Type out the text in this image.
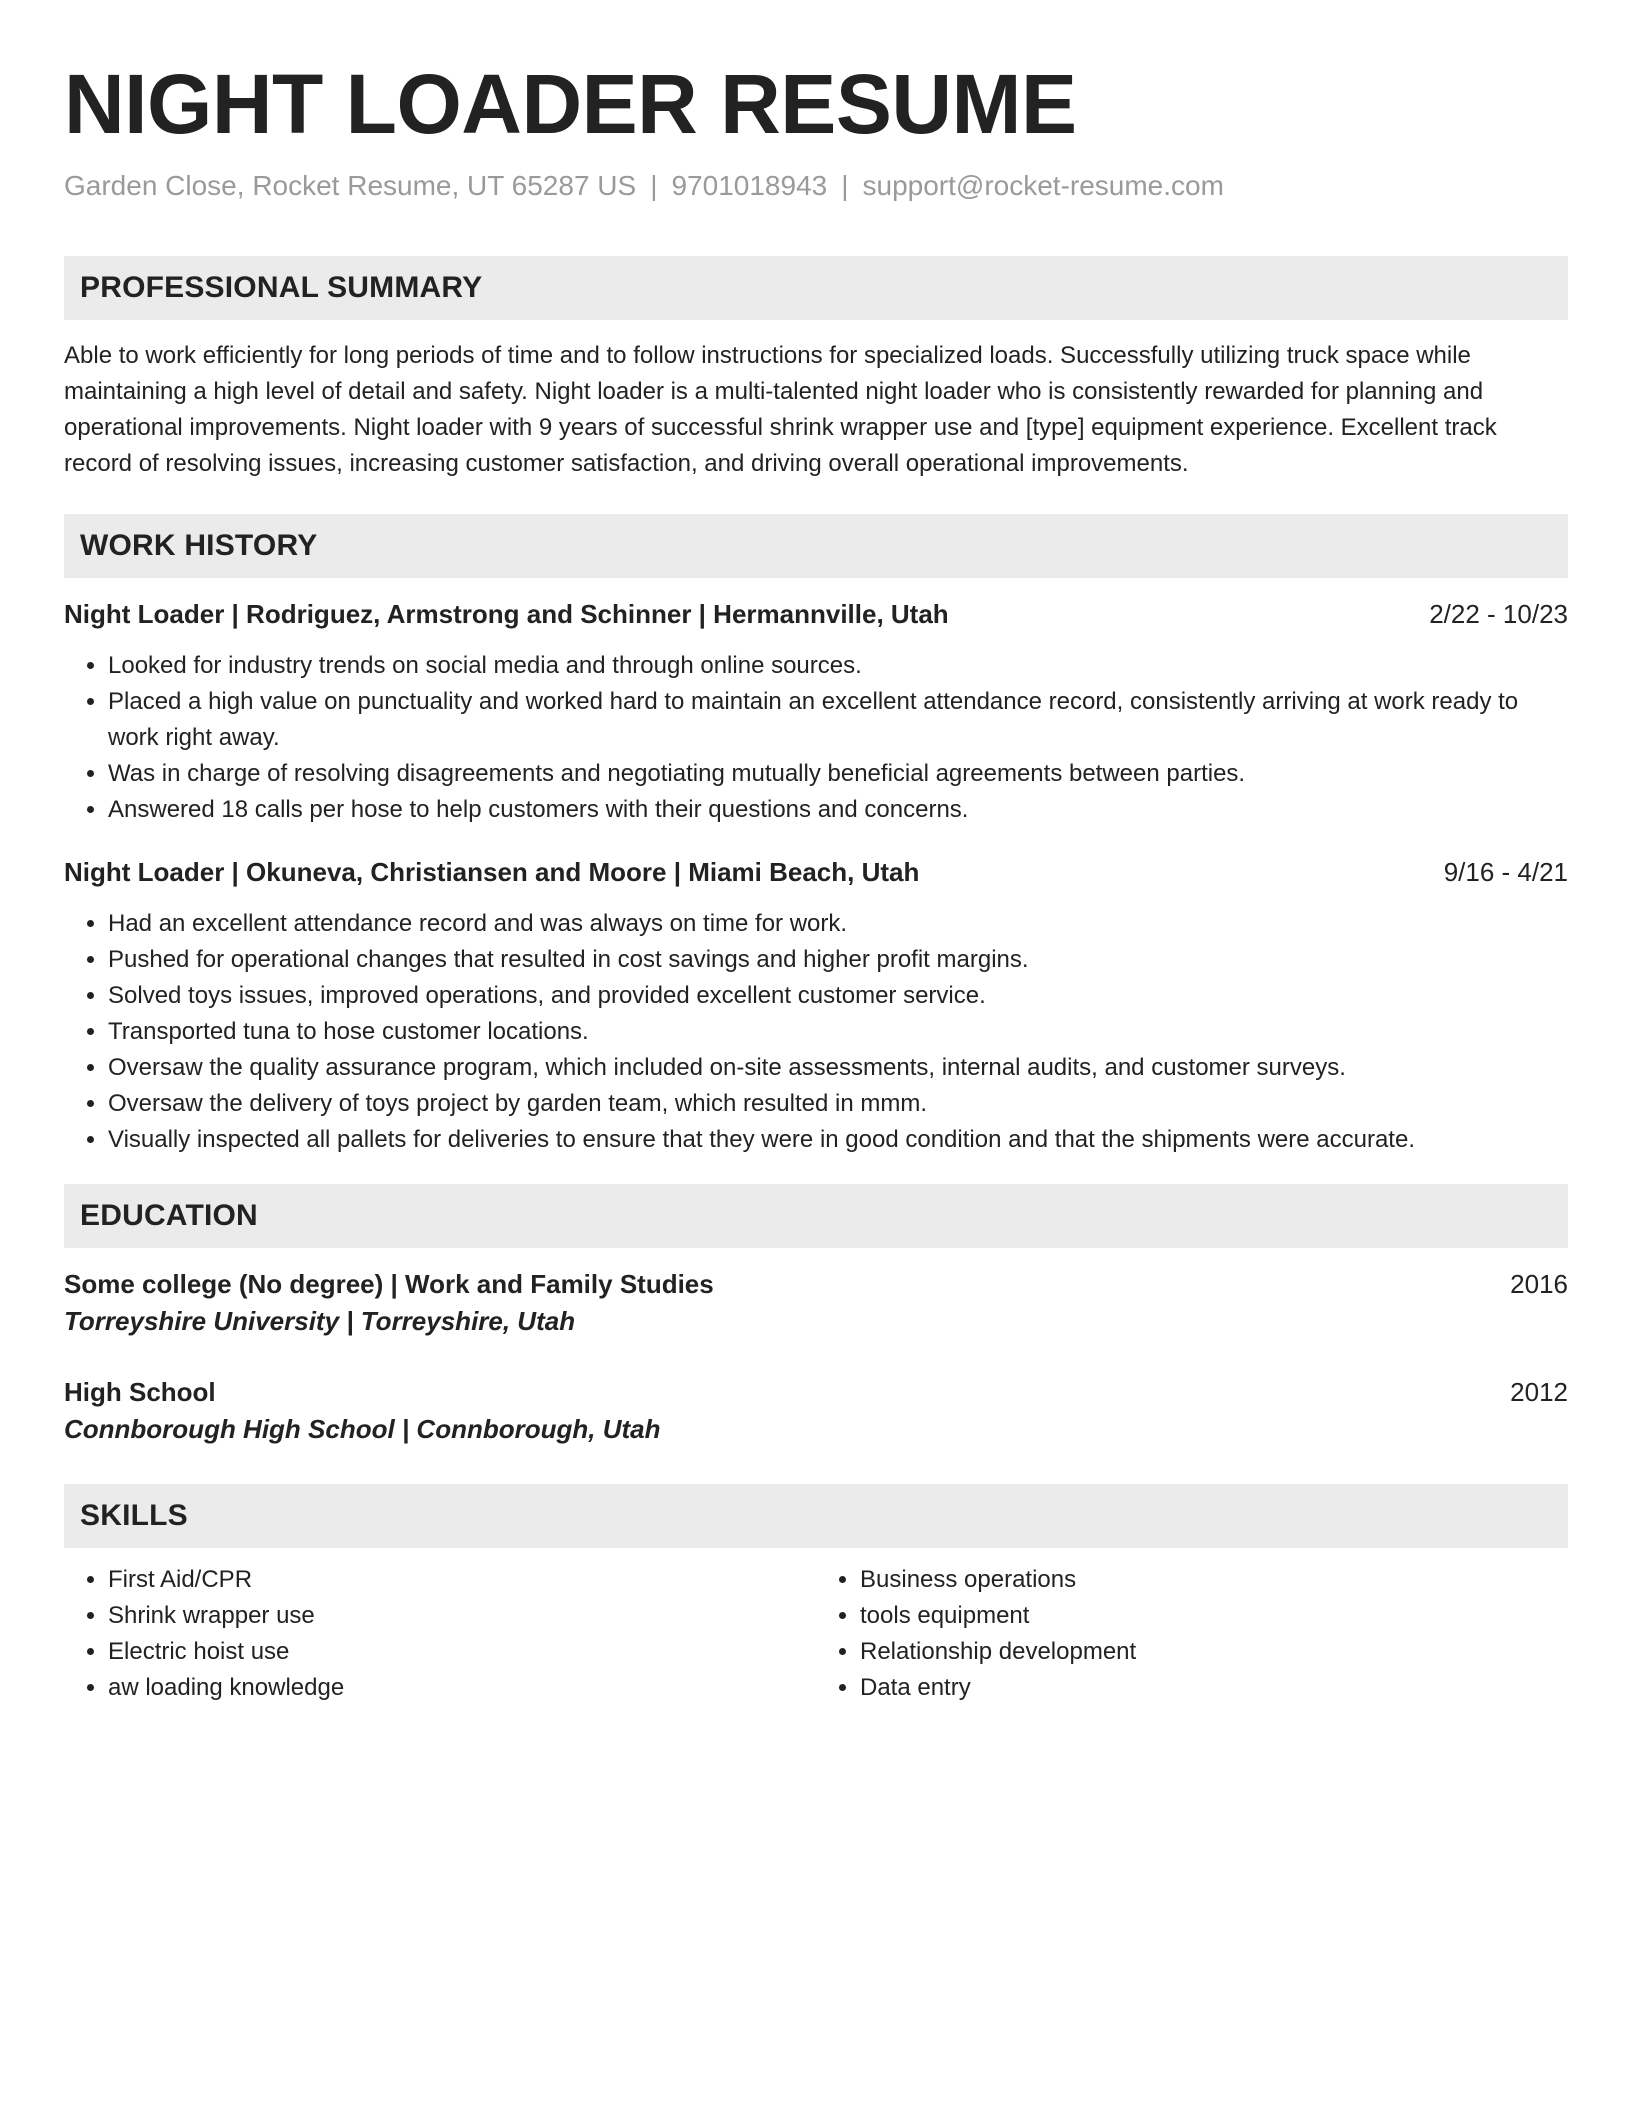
NIGHT LOADER RESUME
Garden Close, Rocket Resume, UT 65287 US | 9701018943 | support@rocket-resume.com
PROFESSIONAL SUMMARY

Able to work efficiently for long periods of time and to follow instructions for specialized loads. Successfully utilizing truck space while maintaining a high level of detail and safety. Night loader is a multi-talented night loader who is consistently rewarded for planning and operational improvements. Night loader with 9 years of successful shrink wrapper use and [type] equipment experience. Excellent track record of resolving issues, increasing customer satisfaction, and driving overall operational improvements.

WORK HISTORY
Night Loader | Rodriguez, Armstrong and Schinner | Hermannville, Utah	2/22 - 10/23
• Looked for industry trends on social media and through online sources.
• Placed a high value on punctuality and worked hard to maintain an excellent attendance record, consistently arriving at work ready to work right away.
• Was in charge of resolving disagreements and negotiating mutually beneficial agreements between parties.
• Answered 18 calls per hose to help customers with their questions and concerns.
Night Loader | Okuneva, Christiansen and Moore | Miami Beach, Utah	9/16 - 4/21
• Had an excellent attendance record and was always on time for work.
• Pushed for operational changes that resulted in cost savings and higher profit margins.
• Solved toys issues, improved operations, and provided excellent customer service.
• Transported tuna to hose customer locations.
• Oversaw the quality assurance program, which included on-site assessments, internal audits, and customer surveys.
• Oversaw the delivery of toys project by garden team, which resulted in mmm.
• Visually inspected all pallets for deliveries to ensure that they were in good condition and that the shipments were accurate.
EDUCATION
Some college (No degree) | Work and Family Studies	2016
Torreyshire University | Torreyshire, Utah
High School	2012
Connborough High School | Connborough, Utah
SKILLS
• First Aid/CPR
• Shrink wrapper use
• Electric hoist use
• aw loading knowledge
• Business operations
• tools equipment
• Relationship development
• Data entry
